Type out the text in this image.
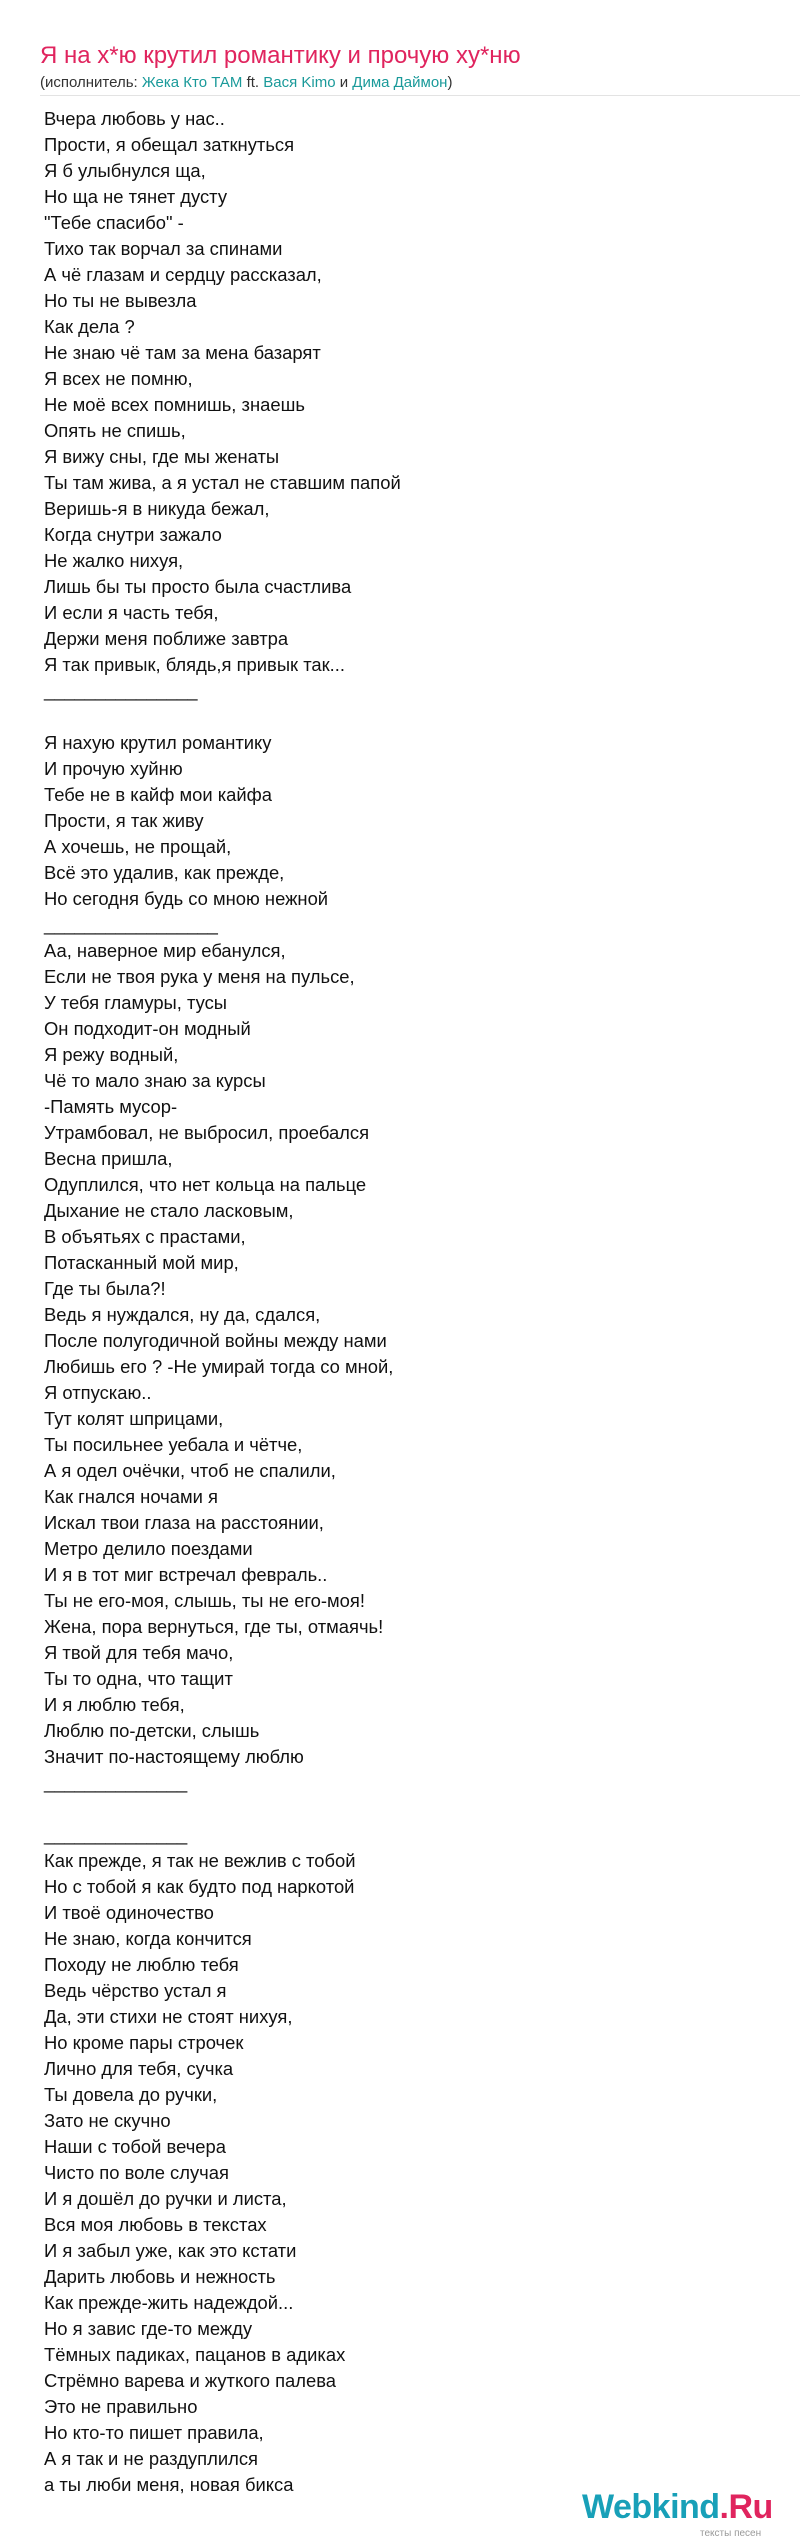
Я на х*ю крутил романтику и прочую ху*ню
(исполнитель: Жека Кто ТАМ ft. Вася Kimo и Дима Даймон)
Вчера любовь у нас..
Прости, я обещал заткнуться
Я б улыбнулся ща,
Но ща не тянет дусту
"Тебе спасибо" -
Тихо так ворчал за спинами
А чё глазам и сердцу рассказал,
Но ты не вывезла
Как дела ?
Не знаю чё там за мена базарят
Я всех не помню,
Не моё всех помнишь, знаешь
Опять не спишь,
Я вижу сны, где мы женаты
Ты там жива, а я устал не ставшим папой
Веришь-я в никуда бежал,
Когда снутри зажало
Не жалко нихуя,
Лишь бы ты просто была счастлива
И если я часть тебя,
Держи меня поближе завтра
Я так привык, блядь,я привык так...
_______________
Я нахую крутил романтику
И прочую хуйню
Тебе не в кайф мои кайфа
Прости, я так живу
А хочешь, не прощай,
Всё это удалив, как прежде,
Но сегодня будь со мною нежной
_________________
Аа, наверное мир ебанулся,
Если не твоя рука у меня на пульсе,
У тебя гламуры, тусы
Он подходит-он модный
Я режу водный,
Чё то мало знаю за курсы
-Память мусор-
Утрамбовал, не выбросил, проебался
Весна пришла,
Одуплился, что нет кольца на пальце
Дыхание не стало ласковым,
В объятьях с прастами,
Потасканный мой мир,
Где ты была?!
Ведь я нуждался, ну да, сдался,
После полугодичной войны между нами
Любишь его ? -Не умирай тогда со мной,
Я отпускаю..
Тут колят шприцами,
Ты посильнее уебала и чётче,
А я одел очёчки, чтоб не спалили,
Как гнался ночами я
Искал твои глаза на расстоянии,
Метро делило поездами
И я в тот миг встречал февраль..
Ты не его-моя, слышь, ты не его-моя!
Жена, пора вернуться, где ты, отмаячь!
Я твой для тебя мачо,
Ты то одна, что тащит
И я люблю тебя,
Люблю по-детски, слышь
Значит по-настоящему люблю
______________
______________
Как прежде, я так не вежлив с тобой
Но с тобой я как будто под наркотой
И твоё одиночество
Не знаю, когда кончится
Походу не люблю тебя
Ведь чёрство устал я
Да, эти стихи не стоят нихуя,
Но кроме пары строчек
Лично для тебя, сучка
Ты довела до ручки,
Зато не скучно
Наши с тобой вечера
Чисто по воле случая
И я дошёл до ручки и листа,
Вся моя любовь в текстах
И я забыл уже, как это кстати
Дарить любовь и нежность
Как прежде-жить надеждой...
Но я завис где-то между
Тёмных падиках, пацанов в адиках
Стрёмно варева и жуткого палева
Это не правильно
Но кто-то пишет правила,
А я так и не раздуплился
а ты люби меня, новая бикса
Webkind.Ru
тексты песен
